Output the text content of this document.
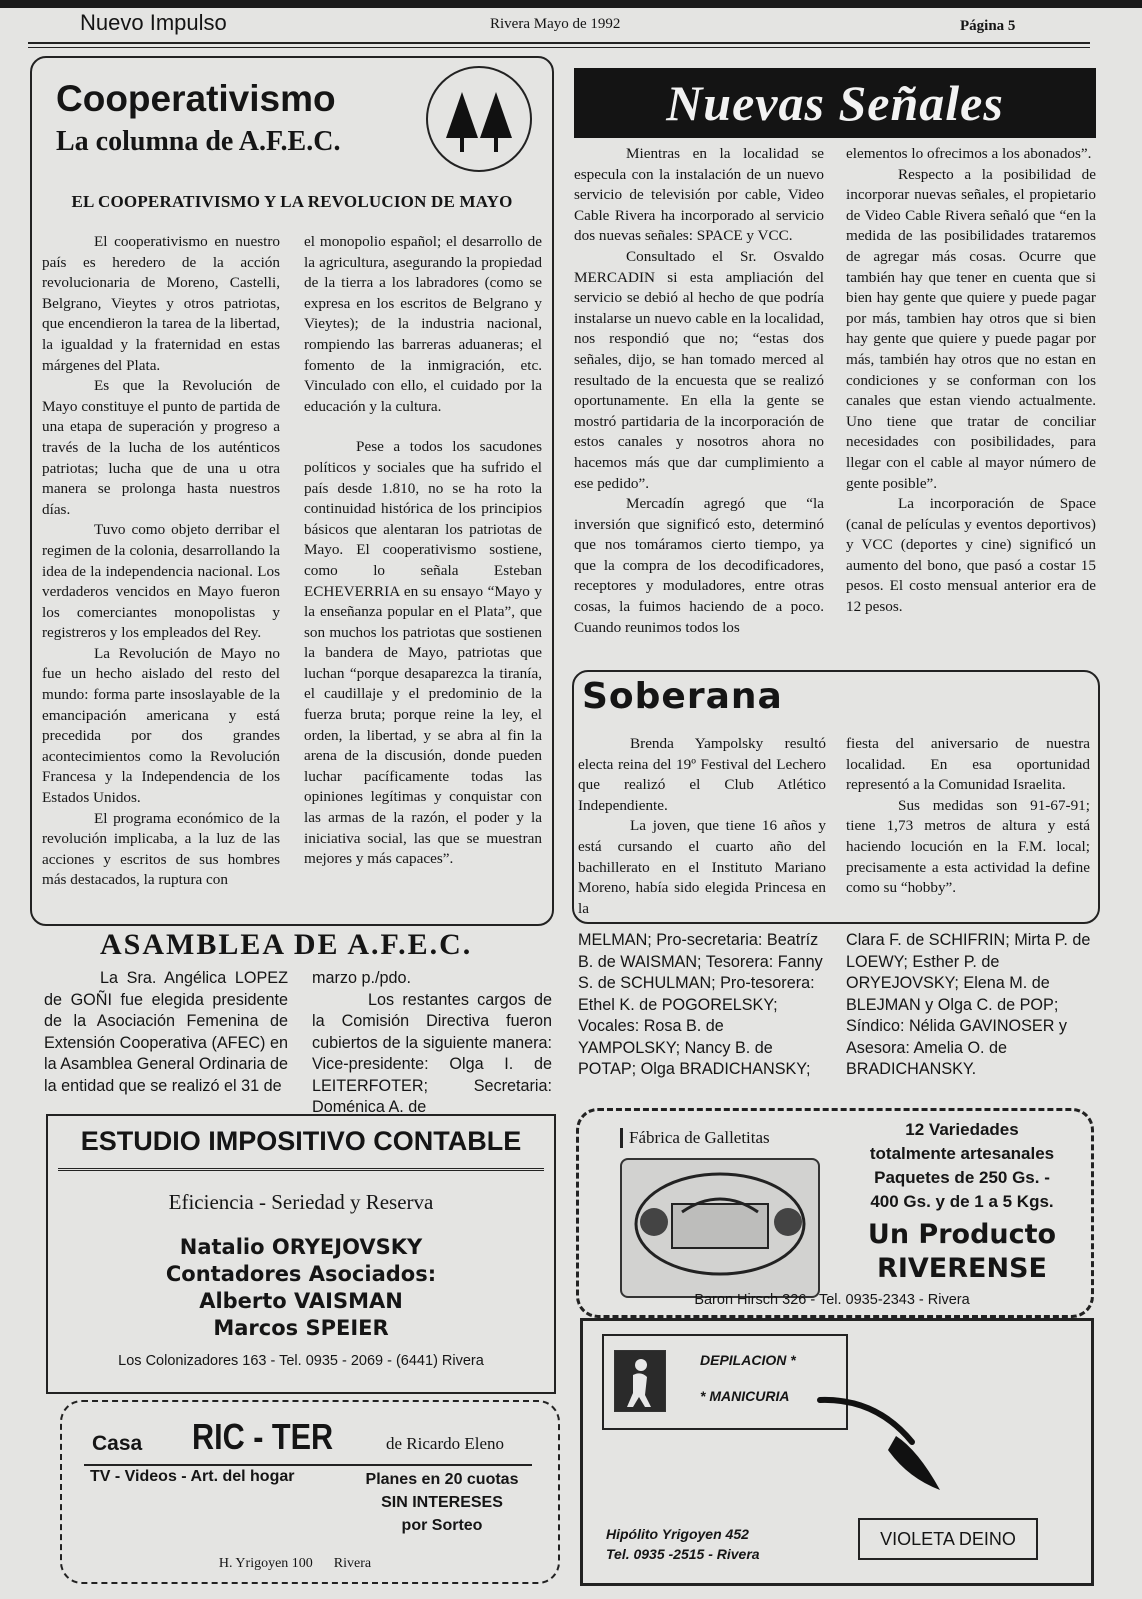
Nuevo Impulso	Rivera Mayo de 1992	Página 5
Cooperativismo
La columna de A.F.E.C.
EL COOPERATIVISMO Y LA REVOLUCION DE MAYO

El cooperativismo en nuestro país es heredero de la acción revolucionaria de Moreno, Castelli, Belgrano, Vieytes y otros patriotas, que encendieron la tarea de la libertad, la igualdad y la fraternidad en estas márgenes del Plata.

Es que la Revolución de Mayo constituye el punto de partida de una etapa de superación y progreso a través de la lucha de los auténticos patriotas; lucha que de una u otra manera se prolonga hasta nuestros días.

Tuvo como objeto derribar el regimen de la colonia, desarrollando la idea de la independencia nacional. Los verdaderos vencidos en Mayo fueron los comerciantes monopolistas y registreros y los empleados del Rey.

La Revolución de Mayo no fue un hecho aislado del resto del mundo: forma parte insoslayable de la emancipación americana y está precedida por dos grandes acontecimientos como la Revolución Francesa y la Independencia de los Estados Unidos.

El programa económico de la revolución implicaba, a la luz de las acciones y escritos de sus hombres más destacados, la ruptura con

el monopolio español; el desarrollo de la agricultura, asegurando la propiedad de la tierra a los labradores (como se expresa en los escritos de Belgrano y Vieytes); de la industria nacional, rompiendo las barreras aduaneras; el fomento de la inmigración, etc. Vinculado con ello, el cuidado por la educación y la cultura.

Pese a todos los sacudones políticos y sociales que ha sufrido el país desde 1.810, no se ha roto la continuidad histórica de los principios básicos que alentaran los patriotas de Mayo. El cooperativismo sostiene, como lo señala Esteban ECHEVERRIA en su ensayo “Mayo y la enseñanza popular en el Plata”, que son muchos los patriotas que sostienen la bandera de Mayo, patriotas que luchan “porque desaparezca la tiranía, el caudillaje y el predominio de la fuerza bruta; porque reine la ley, el orden, la libertad, y se abra al fin la arena de la discusión, donde pueden luchar pacíficamente todas las opiniones legítimas y conquistar con las armas de la razón, el poder y la iniciativa social, las que se muestran mejores y más capaces”.

Nuevas Señales

Mientras en la localidad se especula con la instalación de un nuevo servicio de televisión por cable, Video Cable Rivera ha incorporado al servicio dos nuevas señales: SPACE y VCC.

Consultado el Sr. Osvaldo MERCADIN si esta ampliación del servicio se debió al hecho de que podría instalarse un nuevo cable en la localidad, nos respondió que no; “estas dos señales, dijo, se han tomado merced al resultado de la encuesta que se realizó oportunamente. En ella la gente se mostró partidaria de la incorporación de estos canales y nosotros ahora no hacemos más que dar cumplimiento a ese pedido”.

Mercadín agregó que “la inversión que significó esto, determinó que nos tomáramos cierto tiempo, ya que la compra de los decodificadores, receptores y moduladores, entre otras cosas, la fuimos haciendo de a poco. Cuando reunimos todos los

elementos lo ofrecimos a los abonados”.

Respecto a la posibilidad de incorporar nuevas señales, el propietario de Video Cable Rivera señaló que “en la medida de las posibilidades trataremos de agregar más cosas. Ocurre que también hay que tener en cuenta que si bien hay gente que quiere y puede pagar por más, tambien hay otros que si bien hay gente que quiere y puede pagar por más, también hay otros que no estan en condiciones y se conforman con los canales que estan viendo actualmente. Uno tiene que tratar de conciliar necesidades con posibilidades, para llegar con el cable al mayor número de gente posible”.

La incorporación de Space (canal de películas y eventos deportivos) y VCC (deportes y cine) significó un aumento del bono, que pasó a costar 15 pesos. El costo mensual anterior era de 12 pesos.

Soberana

Brenda Yampolsky resultó electa reina del 19º Festival del Lechero que realizó el Club Atlético Independiente.

La joven, que tiene 16 años y está cursando el cuarto año del bachillerato en el Instituto Mariano Moreno, había sido elegida Princesa en la

fiesta del aniversario de nuestra localidad. En esa oportunidad representó a la Comunidad Israelita.

Sus medidas son 91-67-91; tiene 1,73 metros de altura y está haciendo locución en la F.M. local; precisamente a esta actividad la define como su “hobby”.

ASAMBLEA DE A.F.E.C.

La Sra. Angélica LOPEZ de GOÑI fue elegida presidente de la Asociación Femenina de Extensión Cooperativa (AFEC) en la Asamblea General Ordinaria de la entidad que se realizó el 31 de

marzo p./pdo.

Los restantes cargos de la Comisión Directiva fueron cubiertos de la siguiente manera: Vice-presidente: Olga I. de LEITERFOTER; Secretaria: Doménica A. de

MELMAN; Pro-secretaria: Beatríz B. de WAISMAN; Tesorera: Fanny S. de SCHULMAN; Pro-tesorera: Ethel K. de POGORELSKY; Vocales: Rosa B. de YAMPOLSKY; Nancy B. de POTAP; Olga BRADICHANSKY;

Clara F. de SCHIFRIN; Mirta P. de LOEWY; Esther P. de ORYEJOVSKY; Elena M. de BLEJMAN y Olga C. de POP; Síndico: Nélida GAVINOSER y Asesora: Amelia O. de BRADICHANSKY.

ESTUDIO IMPOSITIVO CONTABLE
Eficiencia - Seriedad y Reserva
Natalio ORYEJOVSKY
Contadores Asociados:
Alberto VAISMAN
Marcos SPEIER
Los Colonizadores 163 - Tel. 0935 - 2069 - (6441) Rivera
Casa RIC - TER	de Ricardo Eleno
TV - Videos - Art. del hogar	Planes en 20 cuotas
SIN INTERESES
por Sorteo
H. Yrigoyen 100      Rivera
Fábrica de Galletitas	12 Variedades
totalmente artesanales
Paquetes de 250 Gs. -
400 Gs. y de 1 a 5 Kgs.
Un Producto
RIVERENSE
Baron Hirsch 326 - Tel. 0935-2343 - Rivera
DEPILACION *
* MANICURIA
Hipólito Yrigoyen 452
Tel. 0935 -2515 - Rivera
VIOLETA DEINO
